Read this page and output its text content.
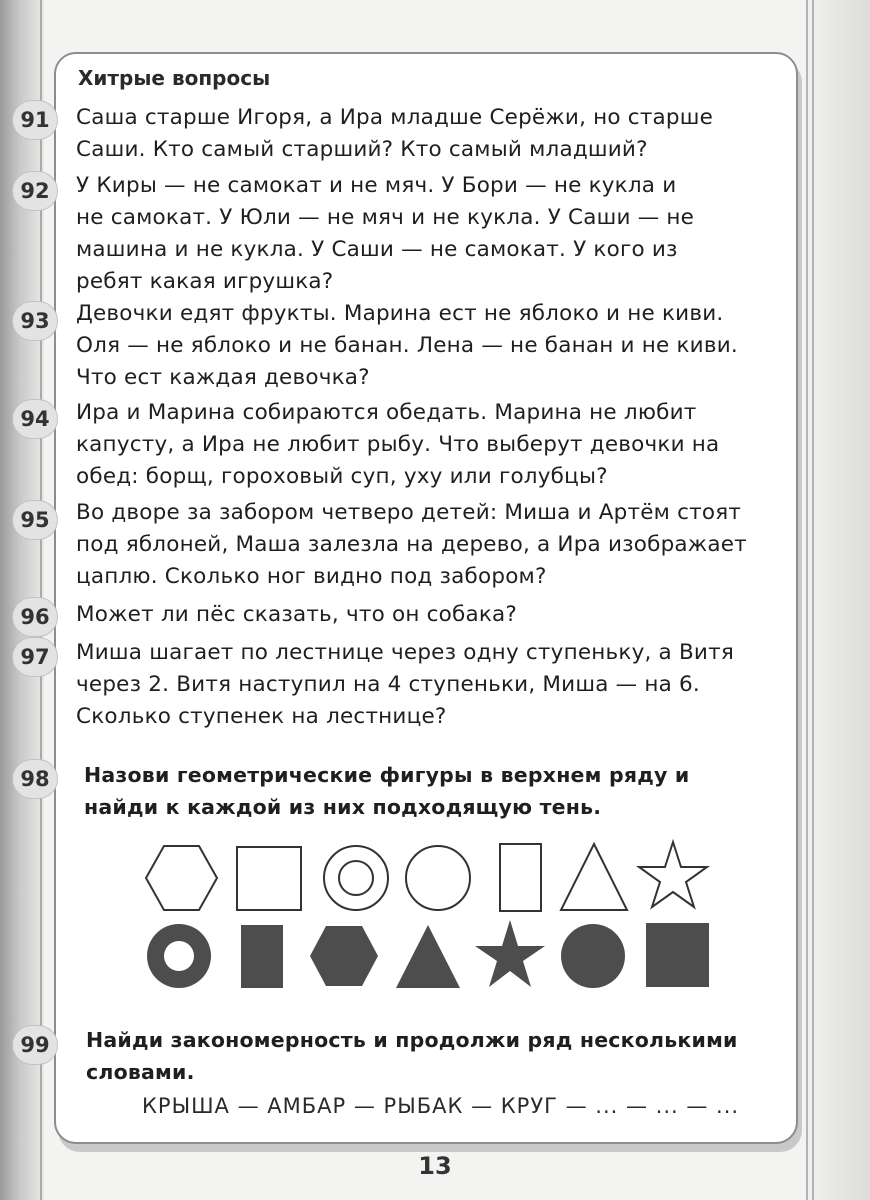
Хитрые вопросы
91	Саша старше Игоря, а Ира младше Серёжи, но старше
Саши. Кто самый старший? Кто самый младший?
92	У Киры — не самокат и не мяч. У Бори — не кукла и
не самокат. У Юли — не мяч и не кукла. У Саши — не
машина и не кукла. У Саши — не самокат. У кого из
ребят какая игрушка?
93	Девочки едят фрукты. Марина ест не яблоко и не киви.
Оля — не яблоко и не банан. Лена — не банан и не киви.
Что ест каждая девочка?
94	Ира и Марина собираются обедать. Марина не любит
капусту, а Ира не любит рыбу. Что выберут девочки на
обед: борщ, гороховый суп, уху или голубцы?
95	Во дворе за забором четверо детей: Миша и Артём стоят
под яблоней, Маша залезла на дерево, а Ира изображает
цаплю. Сколько ног видно под забором?
96	Может ли пёс сказать, что он собака?
97	Миша шагает по лестнице через одну ступеньку, а Витя
через 2. Витя наступил на 4 ступеньки, Миша — на 6.
Сколько ступенек на лестнице?
98	Назови геометрические фигуры в верхнем ряду и
найди к каждой из них подходящую тень.
99	Найди закономерность и продолжи ряд несколькими
словами.
КРЫША — АМБАР — РЫБАК — КРУГ — ... — ... — ...
13
